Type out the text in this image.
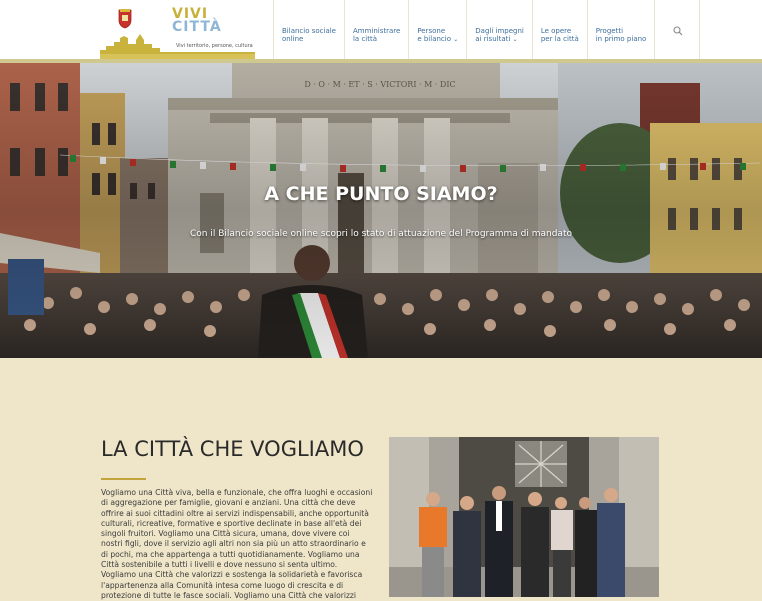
VIVI
CITTÀ
Vivi territorio, persone, cultura
Bilancio sociale
online
Amministrare
la città
Persone
e bilancio ⌄
Dagli impegni
ai risultati ⌄
Le opere
per la città
Progetti
in primo piano
D · O · M · ET · S · VICTORI · M · DIC
A CHE PUNTO SIAMO?
Con il Bilancio sociale online scopri lo stato di attuazione del Programma di mandato
LA CITTÀ CHE VOGLIAMO

Vogliamo una Città viva, bella e funzionale, che offra luoghi e occasioni di aggregazione per famiglie, giovani e anziani. Una città che deve offrire ai suoi cittadini oltre ai servizi indispensabili, anche opportunità culturali, ricreative, formative e sportive declinate in base all'età dei singoli fruitori. Vogliamo una Città sicura, umana, dove vivere coi nostri figli, dove il servizio agli altri non sia più un atto straordinario e di pochi, ma che appartenga a tutti quotidianamente. Vogliamo una Città sostenibile a tutti i livelli e dove nessuno si senta ultimo. Vogliamo una Città che valorizzi e sostenga la solidarietà e favorisca l'appartenenza alla Comunità intesa come luogo di crescita e di protezione di tutte le fasce sociali. Vogliamo una Città che valorizzi
